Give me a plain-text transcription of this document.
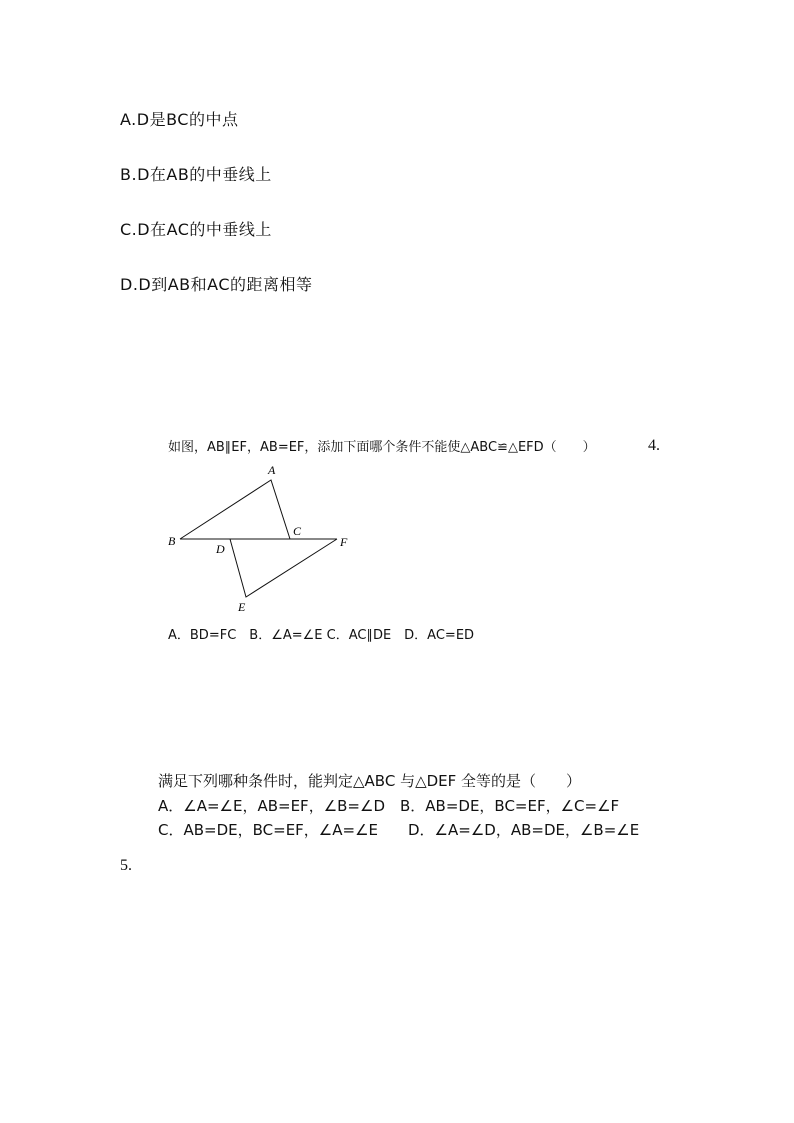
A.D是BC的中点
B.D在AB的中垂线上
C.D在AC的中垂线上
D.D到AB和AC的距离相等
如图，AB∥EF，AB=EF，添加下面哪个条件不能使△ABC≌△EFD（　　）	4.
A
B
C
D
E
F
A．BD=FC　B．∠A=∠E C．AC∥DE　D．AC=ED
满足下列哪种条件时，能判定△ABC 与△DEF 全等的是（　　）
A．∠A=∠E，AB=EF，∠B=∠D　B．AB=DE，BC=EF，∠C=∠F
C．AB=DE，BC=EF，∠A=∠E　　D．∠A=∠D，AB=DE，∠B=∠E
5.
